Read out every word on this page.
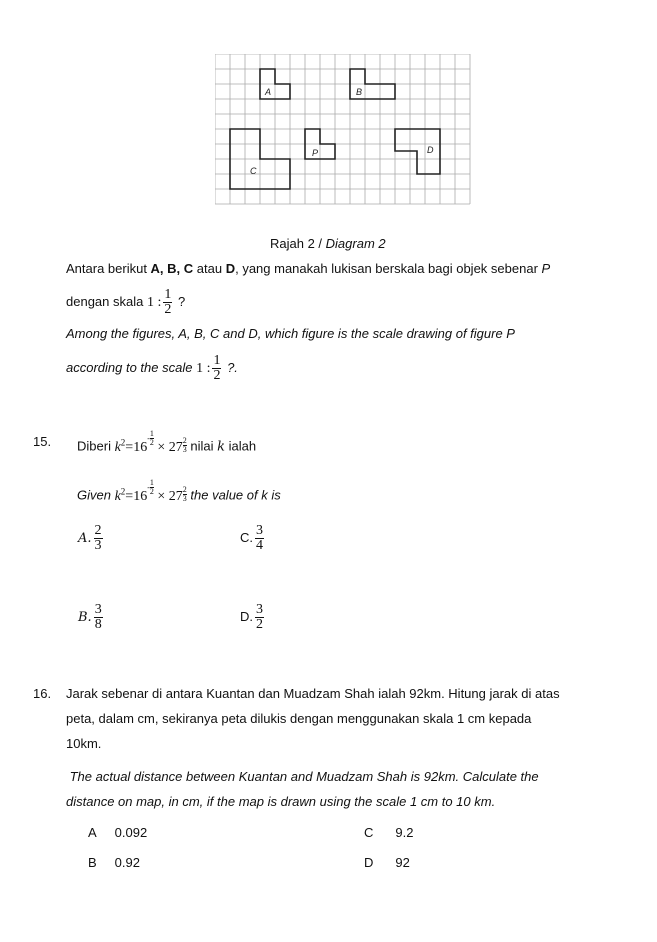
A	B
P
C
D
Rajah 2 / Diagram 2
Antara berikut A, B, C atau D, yang manakah lukisan berskala bagi objek sebenar P
dengan skala 1 : $\frac{1}{2}$ ?
Among the figures, A, B, C and D, which figure is the scale drawing of figure P
according to the scale 1 : $\frac{1}{2}$ ?.
15. Diberi $k^2=16$
- 1
$2 \times 27 \frac{2}{3}$ nilai k ialah
Given $k^2=16$
- 1
$2 \times 27 \frac{2}{3}$ the value of k is
A. $\frac{2}{3}$	C. $\frac{3}{4}$
B. $\frac{3}{8}$	D. $\frac{3}{2}$
16. Jarak sebenar di antara Kuantan dan Muadzam Shah ialah 92km. Hitung jarak di atas
peta, dalam cm, sekiranya peta dilukis dengan menggunakan skala 1 cm kepada
10km.
The actual distance between Kuantan and Muadzam Shah is 92km. Calculate the
distance on map, in cm, if the map is drawn using the scale 1 cm to 10 km.
A 0.092	C 9.2
B 0.92	D 92
